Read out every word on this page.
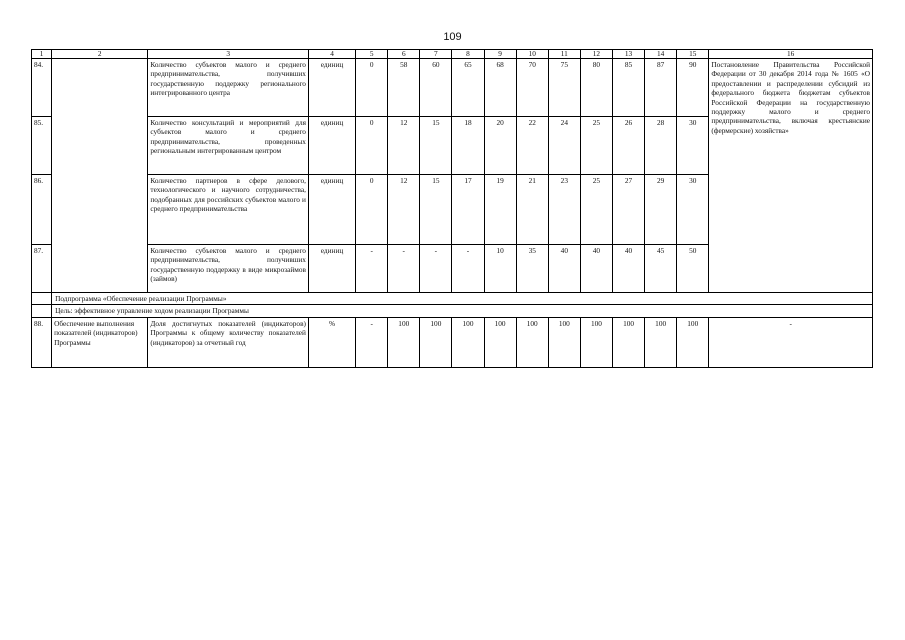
109
1	2	3	4	5	6	7	8	9	10	11	12	13	14	15	16
84.		Количество субъектов малого и среднего предпринимательства, получивших государственную поддержку регионального интегрированного центра	единиц	0	58	60	65	68	70	75	80	85	87	90	Постановление Правительства Российской Федерации от 30 декабря 2014 года № 1605 «О предоставлении и распределении субсидий из федерального бюджета бюджетам субъектов Российской Федерации на государственную поддержку малого и среднего предпринимательства, включая крестьянские (фермерские) хозяйства»
85.		Количество консультаций и мероприятий для субъектов малого и среднего предпринимательства, проведенных региональным интегрированным центром	единиц	0	12	15	18	20	22	24	25	26	28	30	
86.		Количество партнеров в сфере делового, технологического и научного сотрудничества, подобранных для российских субъектов малого и среднего предпринимательства	единиц	0	12	15	17	19	21	23	25	27	29	30	
87.		Количество субъектов малого и среднего предпринимательства, получивших государственную поддержку в виде микрозаймов (займов)	единиц	-	-	-	-	10	35	40	40	40	45	50	
	Подпрограмма «Обеспечение реализации Программы»														
	Цель: эффективное управление ходом реализации Программы														
88.	Обеспечение выполнения показателей (индикаторов) Программы	Доля достигнутых показателей (индикаторов) Программы к общему количеству показателей (индикаторов) за отчетный год	%	-	100	100	100	100	100	100	100	100	100	100	-
